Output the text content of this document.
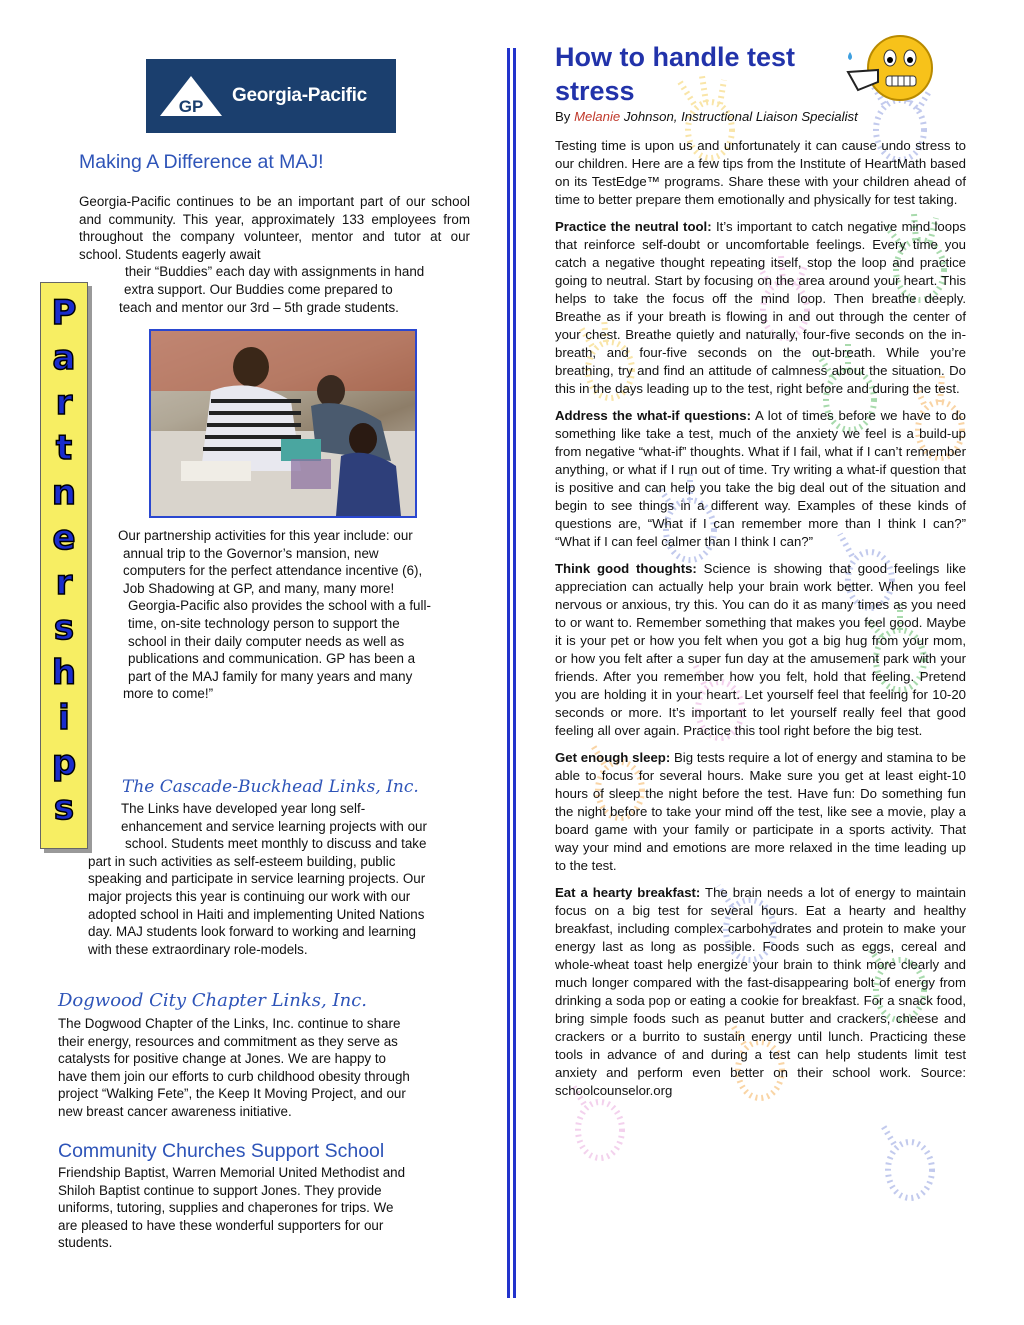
GP
Georgia-Pacific
Making A Difference at MAJ!
Georgia-Pacific continues to be an important part of our school and community. This year, approximately 133 employees from throughout the company volunteer, mentor and tutor at our school. Students eagerly await
their “Buddies” each day with assignments in hand
extra support. Our Buddies come prepared to
teach and mentor our 3rd – 5th grade students.
P
a
r
t
n
e
r
s
h
i
p
s
Our partnership activities for this year include: our
annual trip to the Governor’s mansion, new
computers for the perfect attendance incentive (6),
Job Shadowing at GP, and many, many more!
Georgia-Pacific also provides the school with a full-
time, on-site technology person to support the
school in their daily computer needs as well as
publications and communication. GP has been a
part of the MAJ family for many years and many
more to come!”
The Cascade-Buckhead Links, Inc.
The Links have developed year long self-
enhancement and service learning projects with our
school. Students meet monthly to discuss and take
part in such activities as self-esteem building, public
speaking and participate in service learning projects. Our
major projects this year is continuing our work with our
adopted school in Haiti and implementing United Nations
day. MAJ students look forward to working and learning
with these extraordinary role-models.
Dogwood City Chapter Links, Inc.
The Dogwood Chapter of the Links, Inc. continue to share
their energy, resources and commitment as they serve as
catalysts for positive change at Jones. We are happy to
have them join our efforts to curb childhood obesity through
project “Walking Fete”, the Keep It Moving Project, and our
new breast cancer awareness initiative.
Community Churches Support School
Friendship Baptist, Warren Memorial United Methodist and
Shiloh Baptist continue to support Jones. They provide
uniforms, tutoring, supplies and chaperones for trips. We
are pleased to have these wonderful supporters for our
students.
How to handle test
stress
By Melanie Johnson, Instructional Liaison Specialist

Testing time is upon us and unfortunately it can cause undo stress to our children. Here are a few tips from the Institute of HeartMath based on its TestEdge™ programs. Share these with your children ahead of time to better prepare them emotionally and physically for test taking.

Practice the neutral tool: It’s important to catch negative mind loops that reinforce self-doubt or uncomfortable feelings. Every time you catch a negative thought repeating itself, stop the loop and practice going to neutral. Start by focusing on the area around your heart. This helps to take the focus off the mind loop. Then breathe deeply. Breathe as if your breath is flowing in and out through the center of your chest. Breathe quietly and naturally, four-five seconds on the in-breath, and four-five seconds on the out-breath. While you’re breathing, try and find an attitude of calmness about the situation. Do this in the days leading up to the test, right before and during the test.

Address the what-if questions: A lot of times before we have to do something like take a test, much of the anxiety we feel is a build-up from negative “what-if” thoughts. What if I fail, what if I can’t remember anything, or what if I run out of time. Try writing a what-if question that is positive and can help you take the big deal out of the situation and begin to see things in a different way. Examples of these kinds of questions are, “What if I can remember more than I think I can?” “What if I can feel calmer than I think I can?”

Think good thoughts: Science is showing that good feelings like appreciation can actually help your brain work better. When you feel nervous or anxious, try this. You can do it as many times as you need to or want to. Remember something that makes you feel good. Maybe it is your pet or how you felt when you got a big hug from your mom, or how you felt after a super fun day at the amusement park with your friends. After you remember how you felt, hold that feeling. Pretend you are holding it in your heart. Let yourself feel that feeling for 10-20 seconds or more. It’s important to let yourself really feel that good feeling all over again. Practice this tool right before the big test.

Get enough sleep: Big tests require a lot of energy and stamina to be able to focus for several hours. Make sure you get at least eight-10 hours of sleep the night before the test. Have fun: Do something fun the night before to take your mind off the test, like see a movie, play a board game with your family or participate in a sports activity. That way your mind and emotions are more relaxed in the time leading up to the test.

Eat a hearty breakfast: The brain needs a lot of energy to maintain focus on a big test for several hours. Eat a hearty and healthy breakfast, including complex carbohydrates and protein to make your energy last as long as possible. Foods such as eggs, cereal and whole-wheat toast help energize your brain to think more clearly and much longer compared with the fast-disappearing bolt of energy from drinking a soda pop or eating a cookie for breakfast. For a snack food, bring simple foods such as peanut butter and crackers, cheese and crackers or a burrito to sustain energy until lunch. Practicing these tools in advance of and during a test can help students limit test anxiety and perform even better on their school work. Source: schoolcounselor.org
